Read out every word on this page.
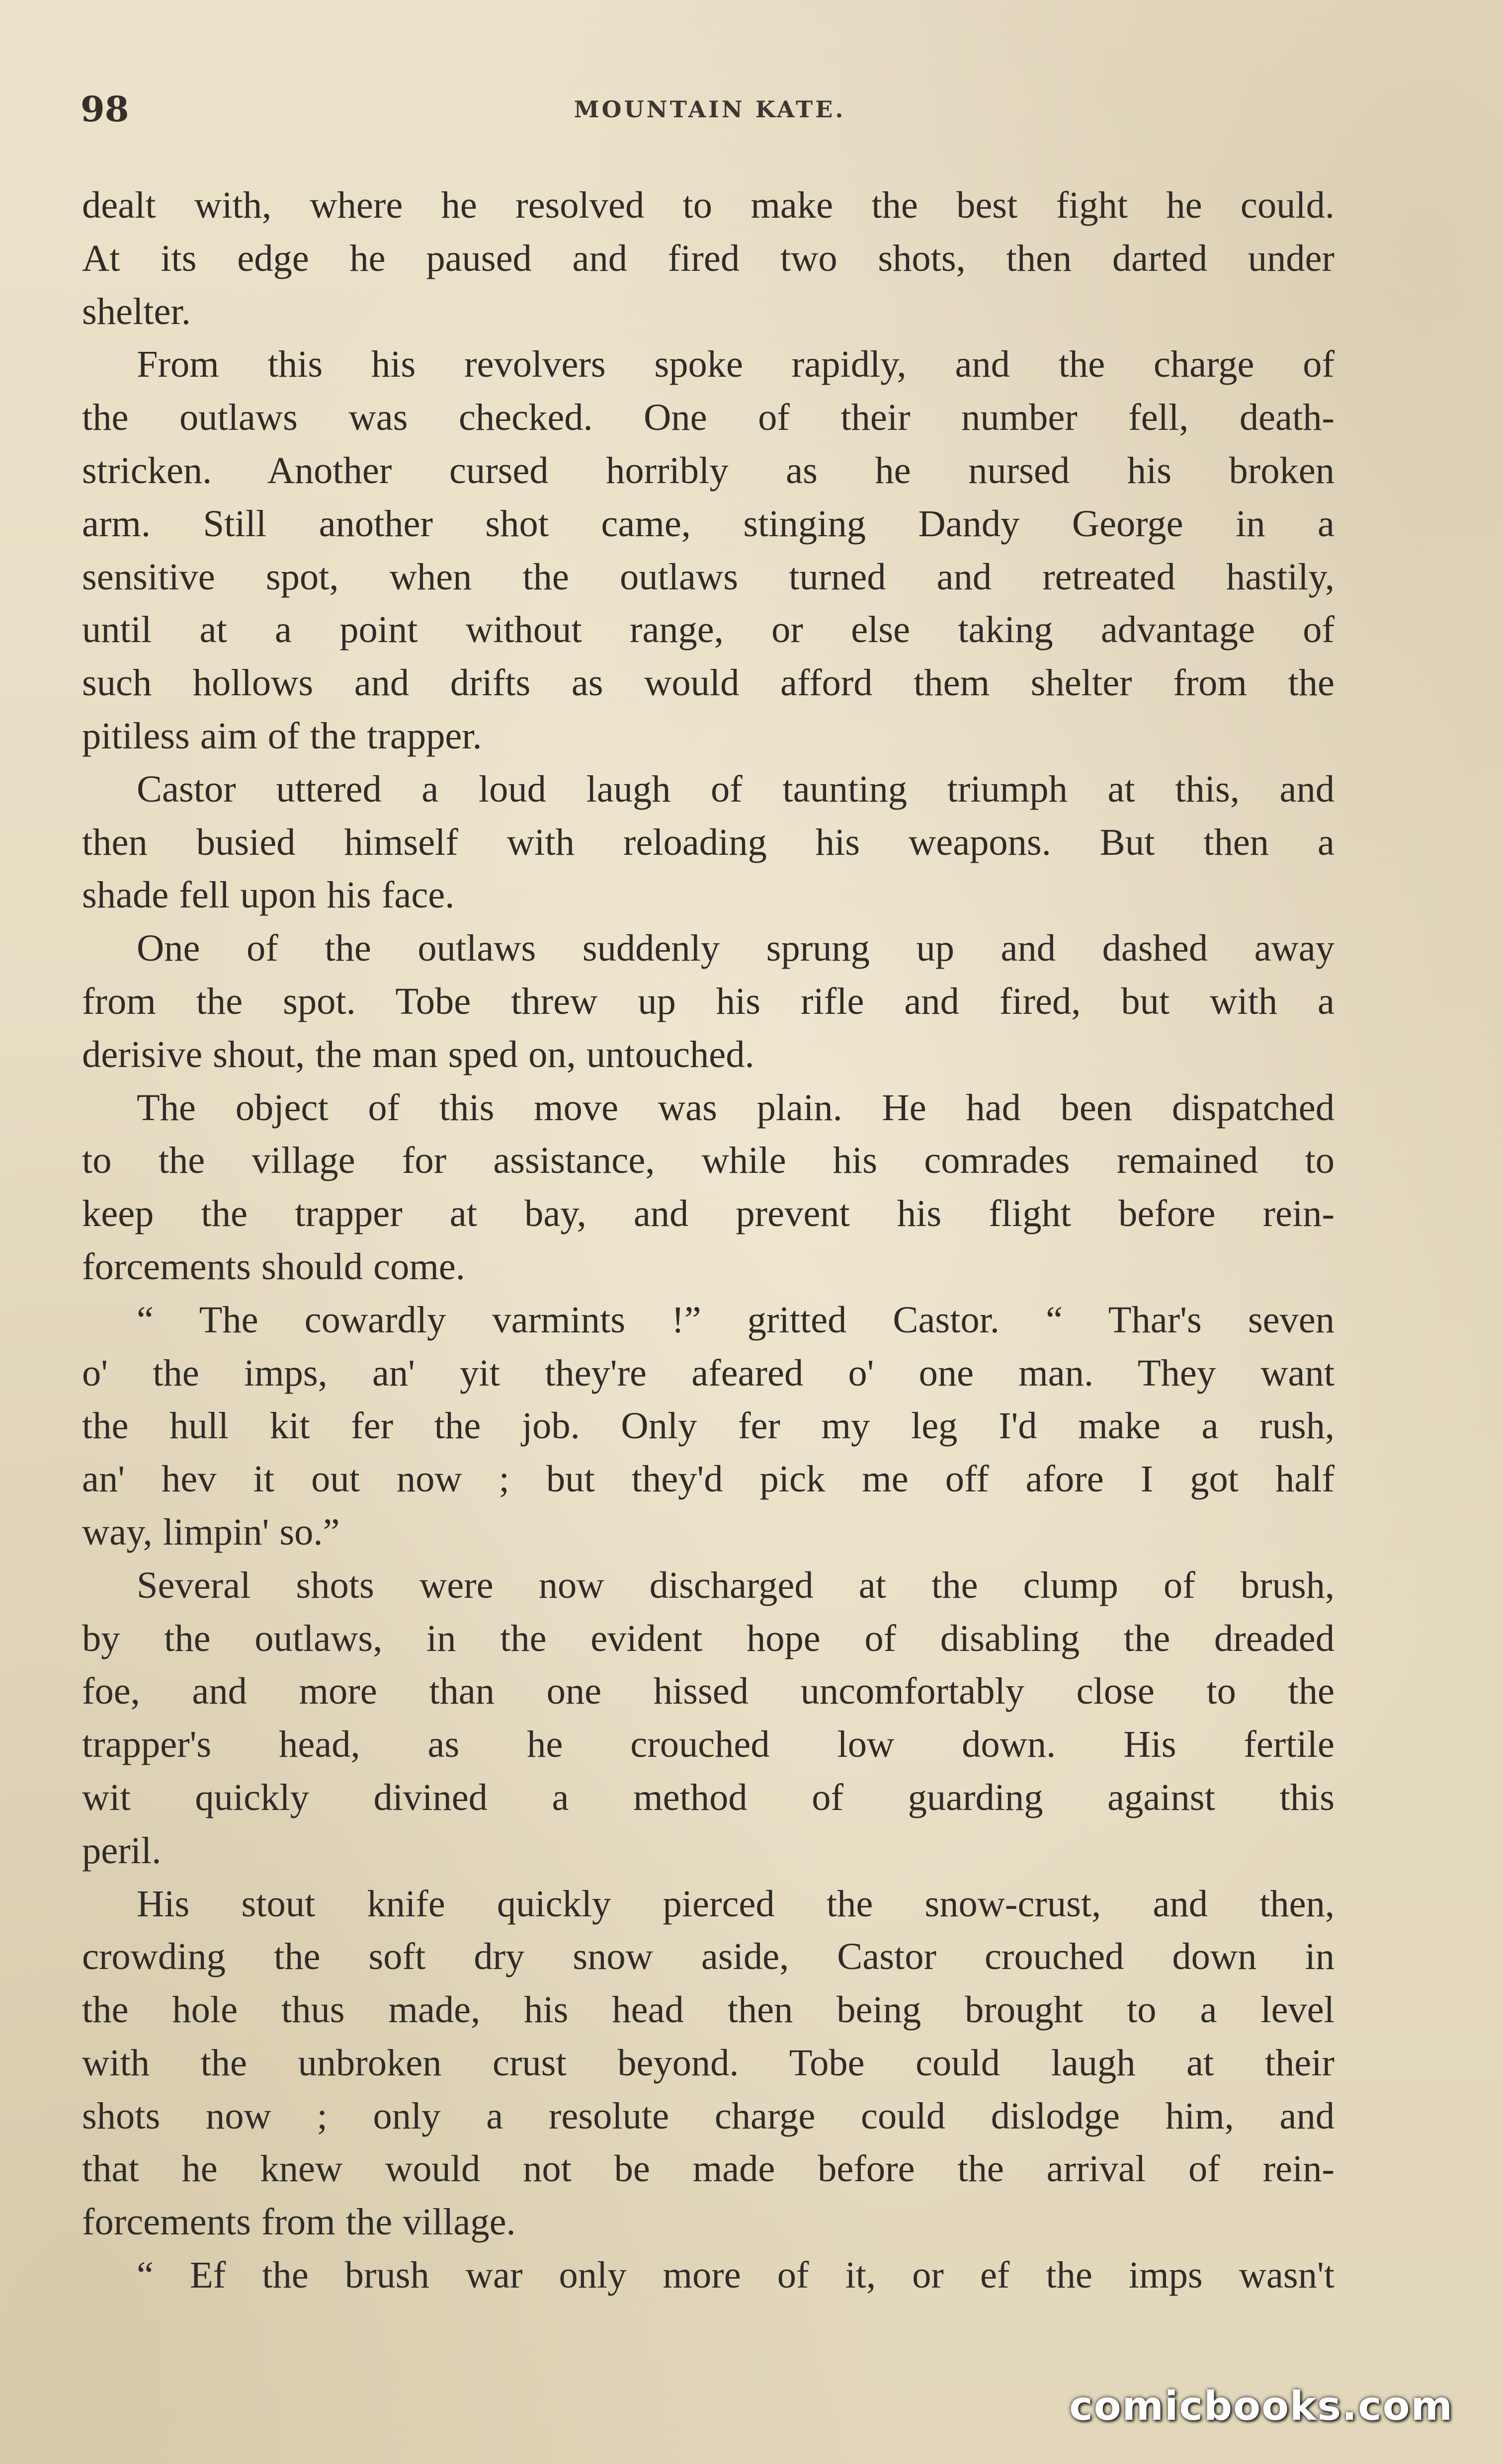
98	MOUNTAIN KATE.
dealt with, where he resolved to make the best fight he could.
At its edge he paused and fired two shots, then darted under
shelter.
From this his revolvers spoke rapidly, and the charge of
the outlaws was checked. One of their number fell, death-
stricken. Another cursed horribly as he nursed his broken
arm. Still another shot came, stinging Dandy George in a
sensitive spot, when the outlaws turned and retreated hastily,
until at a point without range, or else taking advantage of
such hollows and drifts as would afford them shelter from the
pitiless aim of the trapper.
Castor uttered a loud laugh of taunting triumph at this, and
then busied himself with reloading his weapons. But then a
shade fell upon his face.
One of the outlaws suddenly sprung up and dashed away
from the spot. Tobe threw up his rifle and fired, but with a
derisive shout, the man sped on, untouched.
The object of this move was plain. He had been dispatched
to the village for assistance, while his comrades remained to
keep the trapper at bay, and prevent his flight before rein-
forcements should come.
“ The cowardly varmints !” gritted Castor. “ Thar's seven
o' the imps, an' yit they're afeared o' one man. They want
the hull kit fer the job. Only fer my leg I'd make a rush,
an' hev it out now ; but they'd pick me off afore I got half
way, limpin' so.”
Several shots were now discharged at the clump of brush,
by the outlaws, in the evident hope of disabling the dreaded
foe, and more than one hissed uncomfortably close to the
trapper's head, as he crouched low down. His fertile
wit quickly divined a method of guarding against this
peril.
His stout knife quickly pierced the snow-crust, and then,
crowding the soft dry snow aside, Castor crouched down in
the hole thus made, his head then being brought to a level
with the unbroken crust beyond. Tobe could laugh at their
shots now ; only a resolute charge could dislodge him, and
that he knew would not be made before the arrival of rein-
forcements from the village.
“ Ef the brush war only more of it, or ef the imps wasn't
comicbooks.com
